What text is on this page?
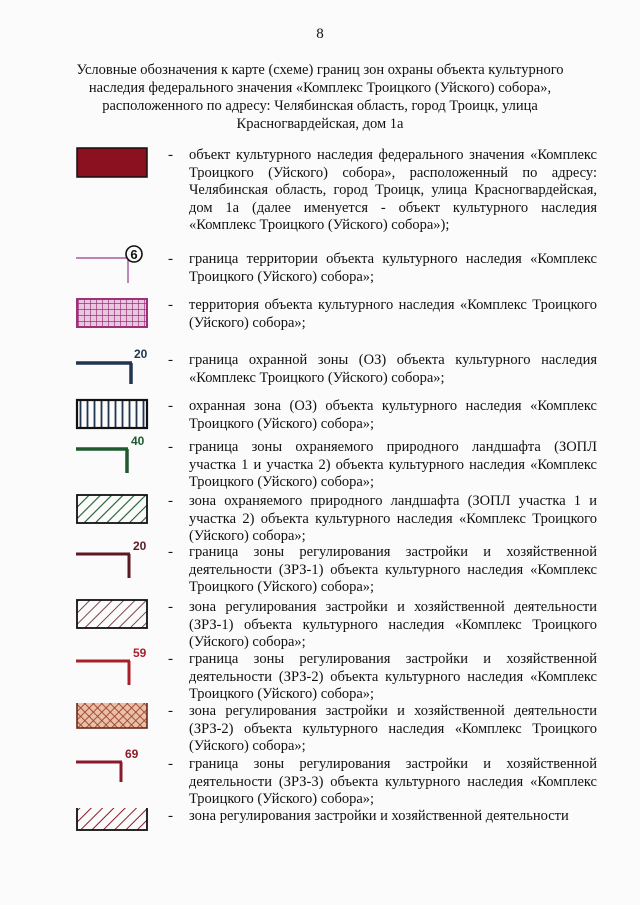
8
Условные обозначения к карте (схеме) границ зон охраны объекта культурного наследия федерального значения «Комплекс Троицкого (Уйского) собора», расположенного по адресу: Челябинская область, город Троицк, улица Красногвардейская, дом 1а
- объект культурного наследия федерального значения «Комплекс Троицкого (Уйского) собора», расположенный по адресу: Челябинская область, город Троицк, улица Красногвардейская, дом 1а (далее именуется - объект культурного наследия «Комплекс Троицкого (Уйского) собора»);
6 - граница территории объекта культурного наследия «Комплекс Троицкого (Уйского) собора»;
- территория объекта культурного наследия «Комплекс Троицкого (Уйского) собора»;
20 - граница охранной зоны (ОЗ) объекта культурного наследия «Комплекс Троицкого (Уйского) собора»;
- охранная зона (ОЗ) объекта культурного наследия «Комплекс Троицкого (Уйского) собора»;
40 - граница зоны охраняемого природного ландшафта (ЗОПЛ участка 1 и участка 2) объекта культурного наследия «Комплекс Троицкого (Уйского) собора»;
- зона охраняемого природного ландшафта (ЗОПЛ участка 1 и участка 2) объекта культурного наследия «Комплекс Троицкого (Уйского) собора»;
20 - граница зоны регулирования застройки и хозяйственной деятельности (ЗРЗ-1) объекта культурного наследия «Комплекс Троицкого (Уйского) собора»;
- зона регулирования застройки и хозяйственной деятельности (ЗРЗ-1) объекта культурного наследия «Комплекс Троицкого (Уйского) собора»;
59 - граница зоны регулирования застройки и хозяйственной деятельности (ЗРЗ-2) объекта культурного наследия «Комплекс Троицкого (Уйского) собора»;
- зона регулирования застройки и хозяйственной деятельности (ЗРЗ-2) объекта культурного наследия «Комплекс Троицкого (Уйского) собора»;
69
- граница зоны регулирования застройки и хозяйственной деятельности (ЗРЗ-3) объекта культурного наследия «Комплекс Троицкого (Уйского) собора»;
- зона регулирования застройки и хозяйственной деятельности
